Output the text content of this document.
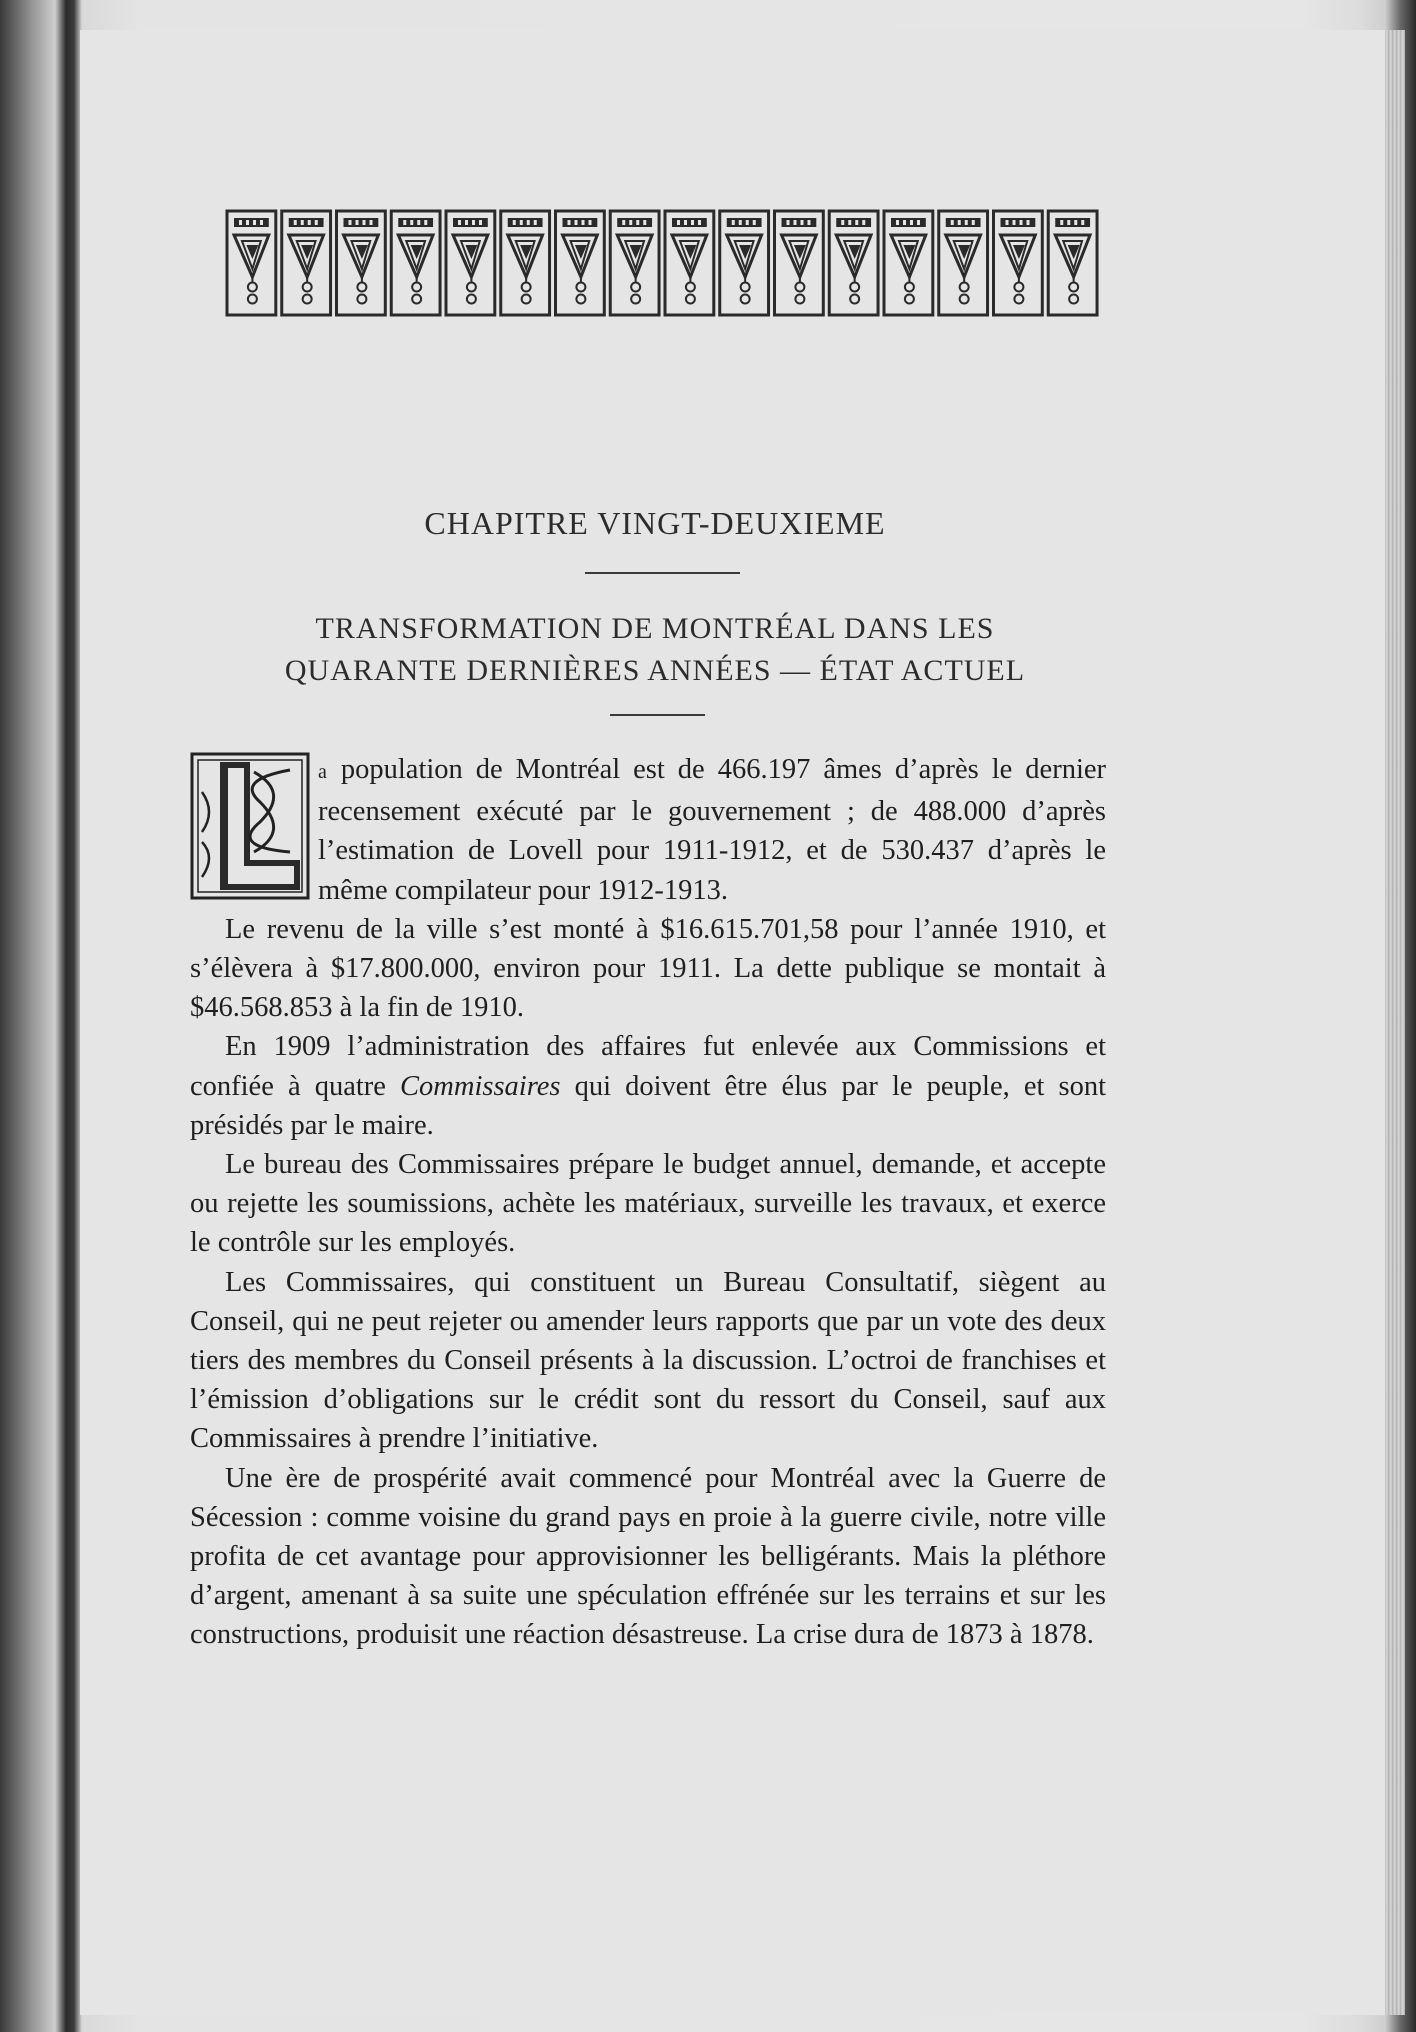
CHAPITRE VINGT-DEUXIEME
TRANSFORMATION DE MONTRÉAL DANS LES
QUARANTE DERNIÈRES ANNÉES — ÉTAT ACTUEL

a population de Montréal est de 466.197 âmes d’après le dernier recensement exécuté par le gouvernement ; de 488.000 d’après l’estimation de Lovell pour 1911-1912, et de 530.437 d’après le même compilateur pour 1912-1913.

Le revenu de la ville s’est monté à $16.615.701,58 pour l’année 1910, et s’élèvera à $17.800.000, environ pour 1911. La dette publique se montait à $46.568.853 à la fin de 1910.

En 1909 l’administration des affaires fut enlevée aux Commissions et confiée à quatre Commissaires qui doivent être élus par le peuple, et sont présidés par le maire.

Le bureau des Commissaires prépare le budget annuel, demande, et accepte ou rejette les soumissions, achète les matériaux, surveille les travaux, et exerce le contrôle sur les employés.

Les Commissaires, qui constituent un Bureau Consultatif, siègent au Conseil, qui ne peut rejeter ou amender leurs rapports que par un vote des deux tiers des membres du Conseil présents à la discussion. L’octroi de franchises et l’émission d’obligations sur le crédit sont du ressort du Conseil, sauf aux Commissaires à prendre l’initiative.

Une ère de prospérité avait commencé pour Montréal avec la Guerre de Sécession : comme voisine du grand pays en proie à la guerre civile, notre ville profita de cet avantage pour approvisionner les belligérants. Mais la pléthore d’argent, amenant à sa suite une spéculation effrénée sur les terrains et sur les constructions, produisit une réaction désastreuse. La crise dura de 1873 à 1878.
